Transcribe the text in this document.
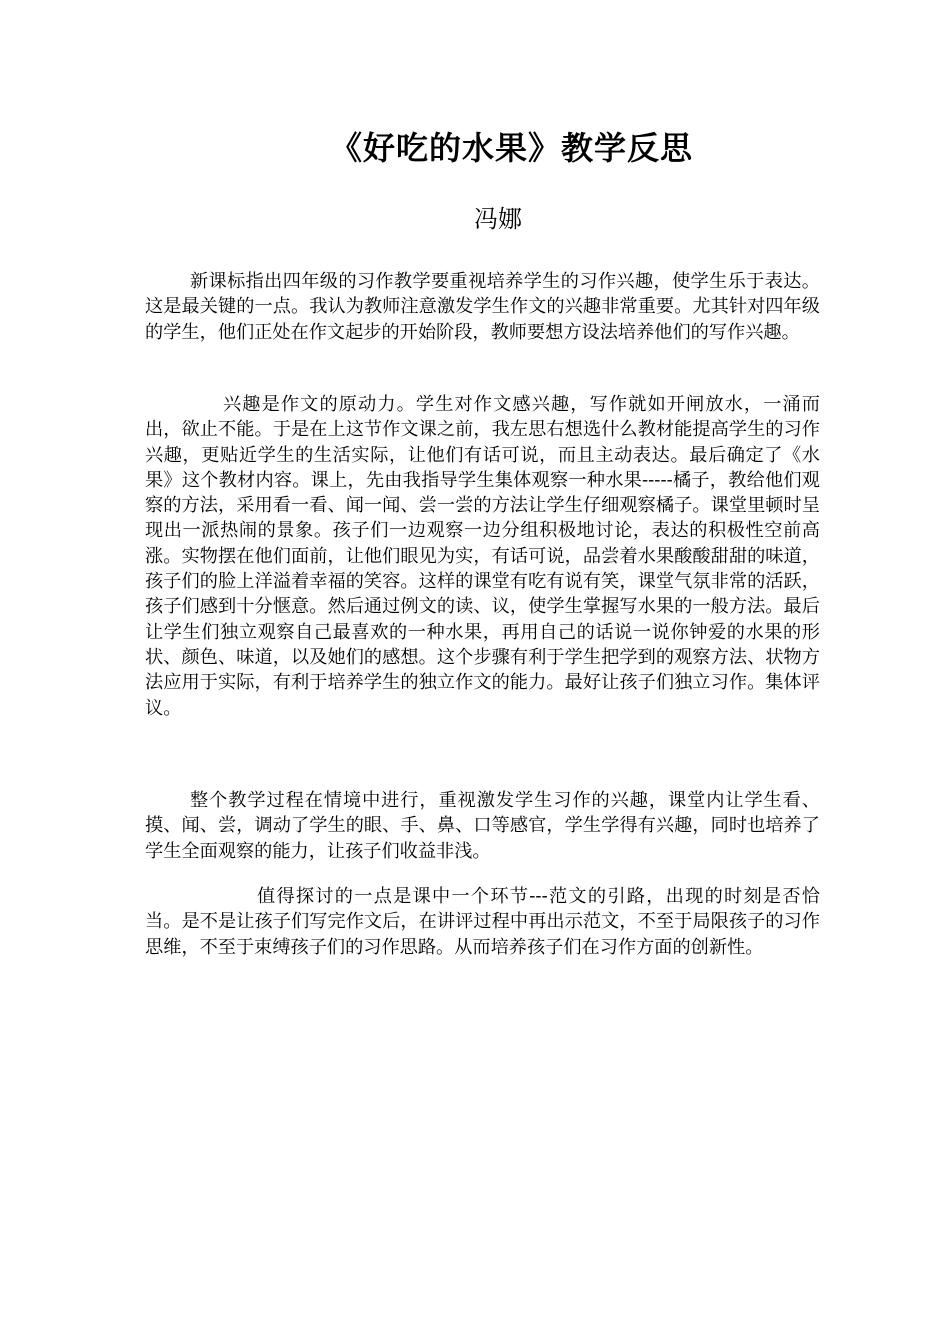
《好吃的水果》教学反思
冯娜

新课标指出四年级的习作教学要重视培养学生的习作兴趣，使学生乐于表达。这是最关键的一点。我认为教师注意激发学生作文的兴趣非常重要。尤其针对四年级的学生，他们正处在作文起步的开始阶段，教师要想方设法培养他们的写作兴趣。

兴趣是作文的原动力。学生对作文感兴趣，写作就如开闸放水，一涌而出，欲止不能。于是在上这节作文课之前，我左思右想选什么教材能提高学生的习作兴趣，更贴近学生的生活实际，让他们有话可说，而且主动表达。最后确定了《水果》这个教材内容。课上，先由我指导学生集体观察一种水果-----橘子，教给他们观察的方法，采用看一看、闻一闻、尝一尝的方法让学生仔细观察橘子。课堂里顿时呈现出一派热闹的景象。孩子们一边观察一边分组积极地讨论，表达的积极性空前高涨。实物摆在他们面前，让他们眼见为实，有话可说，品尝着水果酸酸甜甜的味道，孩子们的脸上洋溢着幸福的笑容。这样的课堂有吃有说有笑，课堂气氛非常的活跃，孩子们感到十分惬意。然后通过例文的读、议，使学生掌握写水果的一般方法。最后让学生们独立观察自己最喜欢的一种水果，再用自己的话说一说你钟爱的水果的形状、颜色、味道，以及她们的感想。这个步骤有利于学生把学到的观察方法、状物方法应用于实际，有利于培养学生的独立作文的能力。最好让孩子们独立习作。集体评议。

整个教学过程在情境中进行，重视激发学生习作的兴趣，课堂内让学生看、摸、闻、尝，调动了学生的眼、手、鼻、口等感官，学生学得有兴趣，同时也培养了学生全面观察的能力，让孩子们收益非浅。

值得探讨的一点是课中一个环节---范文的引路，出现的时刻是否恰当。是不是让孩子们写完作文后，在讲评过程中再出示范文，不至于局限孩子的习作思维，不至于束缚孩子们的习作思路。从而培养孩子们在习作方面的创新性。
